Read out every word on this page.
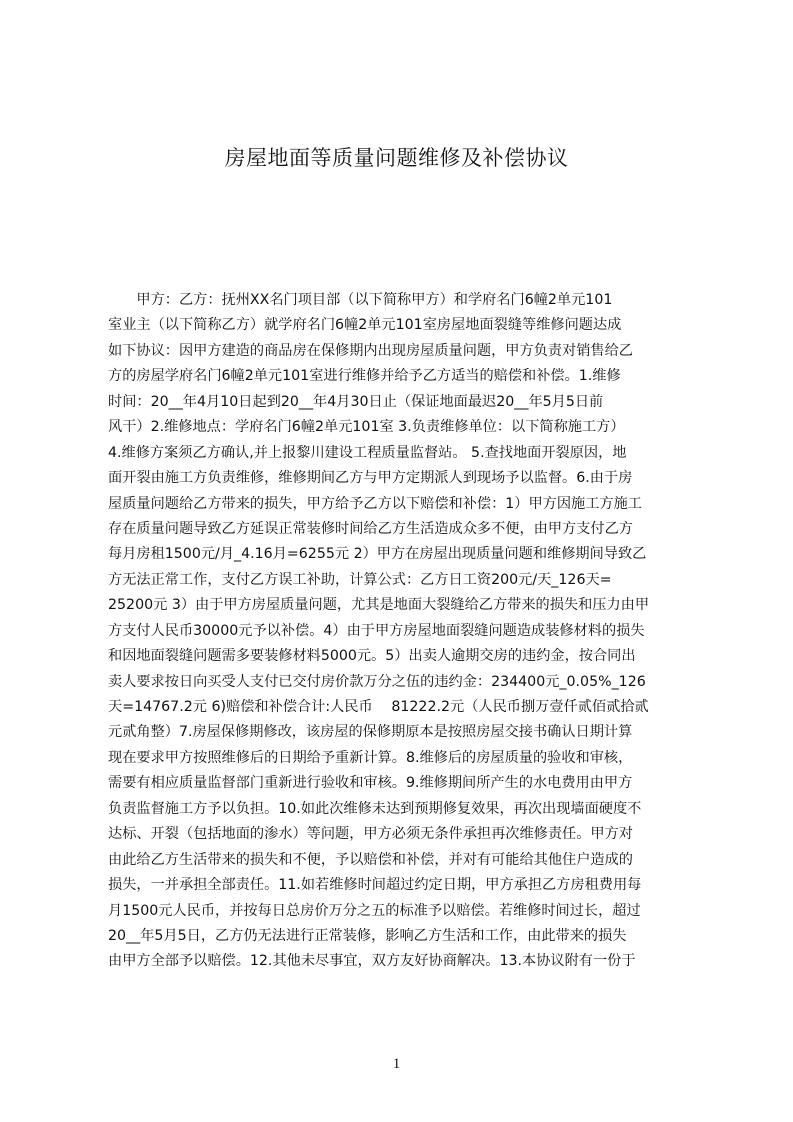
房屋地面等质量问题维修及补偿协议
　　甲方：乙方：抚州XX名门项目部（以下简称甲方）和学府名门6幢2单元101
室业主（以下简称乙方）就学府名门6幢2单元101室房屋地面裂缝等维修问题达成
如下协议：因甲方建造的商品房在保修期内出现房屋质量问题，甲方负责对销售给乙
方的房屋学府名门6幢2单元101室进行维修并给予乙方适当的赔偿和补偿。1.维修
时间：20__年4月10日起到20__年4月30日止（保证地面最迟20__年5月5日前
风干）2.维修地点：学府名门6幢2单元101室 3.负责维修单位：以下简称施工方）
4.维修方案须乙方确认,并上报黎川建设工程质量监督站。 5.查找地面开裂原因，地
面开裂由施工方负责维修，维修期间乙方与甲方定期派人到现场予以监督。6.由于房
屋质量问题给乙方带来的损失，甲方给予乙方以下赔偿和补偿：1）甲方因施工方施工
存在质量问题导致乙方延误正常装修时间给乙方生活造成众多不便，由甲方支付乙方
每月房租1500元/月_4.16月=6255元 2）甲方在房屋出现质量问题和维修期间导致乙
方无法正常工作，支付乙方误工补助，计算公式：乙方日工资200元/天_126天=
25200元 3）由于甲方房屋质量问题，尤其是地面大裂缝给乙方带来的损失和压力由甲
方支付人民币30000元予以补偿。4）由于甲方房屋地面裂缝问题造成装修材料的损失
和因地面裂缝问题需多要装修材料5000元。5）出卖人逾期交房的违约金，按合同出
卖人要求按日向买受人支付已交付房价款万分之伍的违约金：234400元_0.05%_126
天=14767.2元 6)赔偿和补偿合计:人民币　 81222.2元（人民币捌万壹仟贰佰贰拾贰
元贰角整）7.房屋保修期修改，该房屋的保修期原本是按照房屋交接书确认日期计算
现在要求甲方按照维修后的日期给予重新计算。8.维修后的房屋质量的验收和审核，
需要有相应质量监督部门重新进行验收和审核。9.维修期间所产生的水电费用由甲方
负责监督施工方予以负担。10.如此次维修未达到预期修复效果，再次出现墙面硬度不
达标、开裂（包括地面的渗水）等问题，甲方必须无条件承担再次维修责任。甲方对
由此给乙方生活带来的损失和不便，予以赔偿和补偿，并对有可能给其他住户造成的
损失，一并承担全部责任。11.如若维修时间超过约定日期，甲方承担乙方房租费用每
月1500元人民币，并按每日总房价万分之五的标准予以赔偿。若维修时间过长，超过
20__年5月5日，乙方仍无法进行正常装修，影响乙方生活和工作，由此带来的损失
由甲方全部予以赔偿。12.其他未尽事宜，双方友好协商解决。13.本协议附有一份于
1
